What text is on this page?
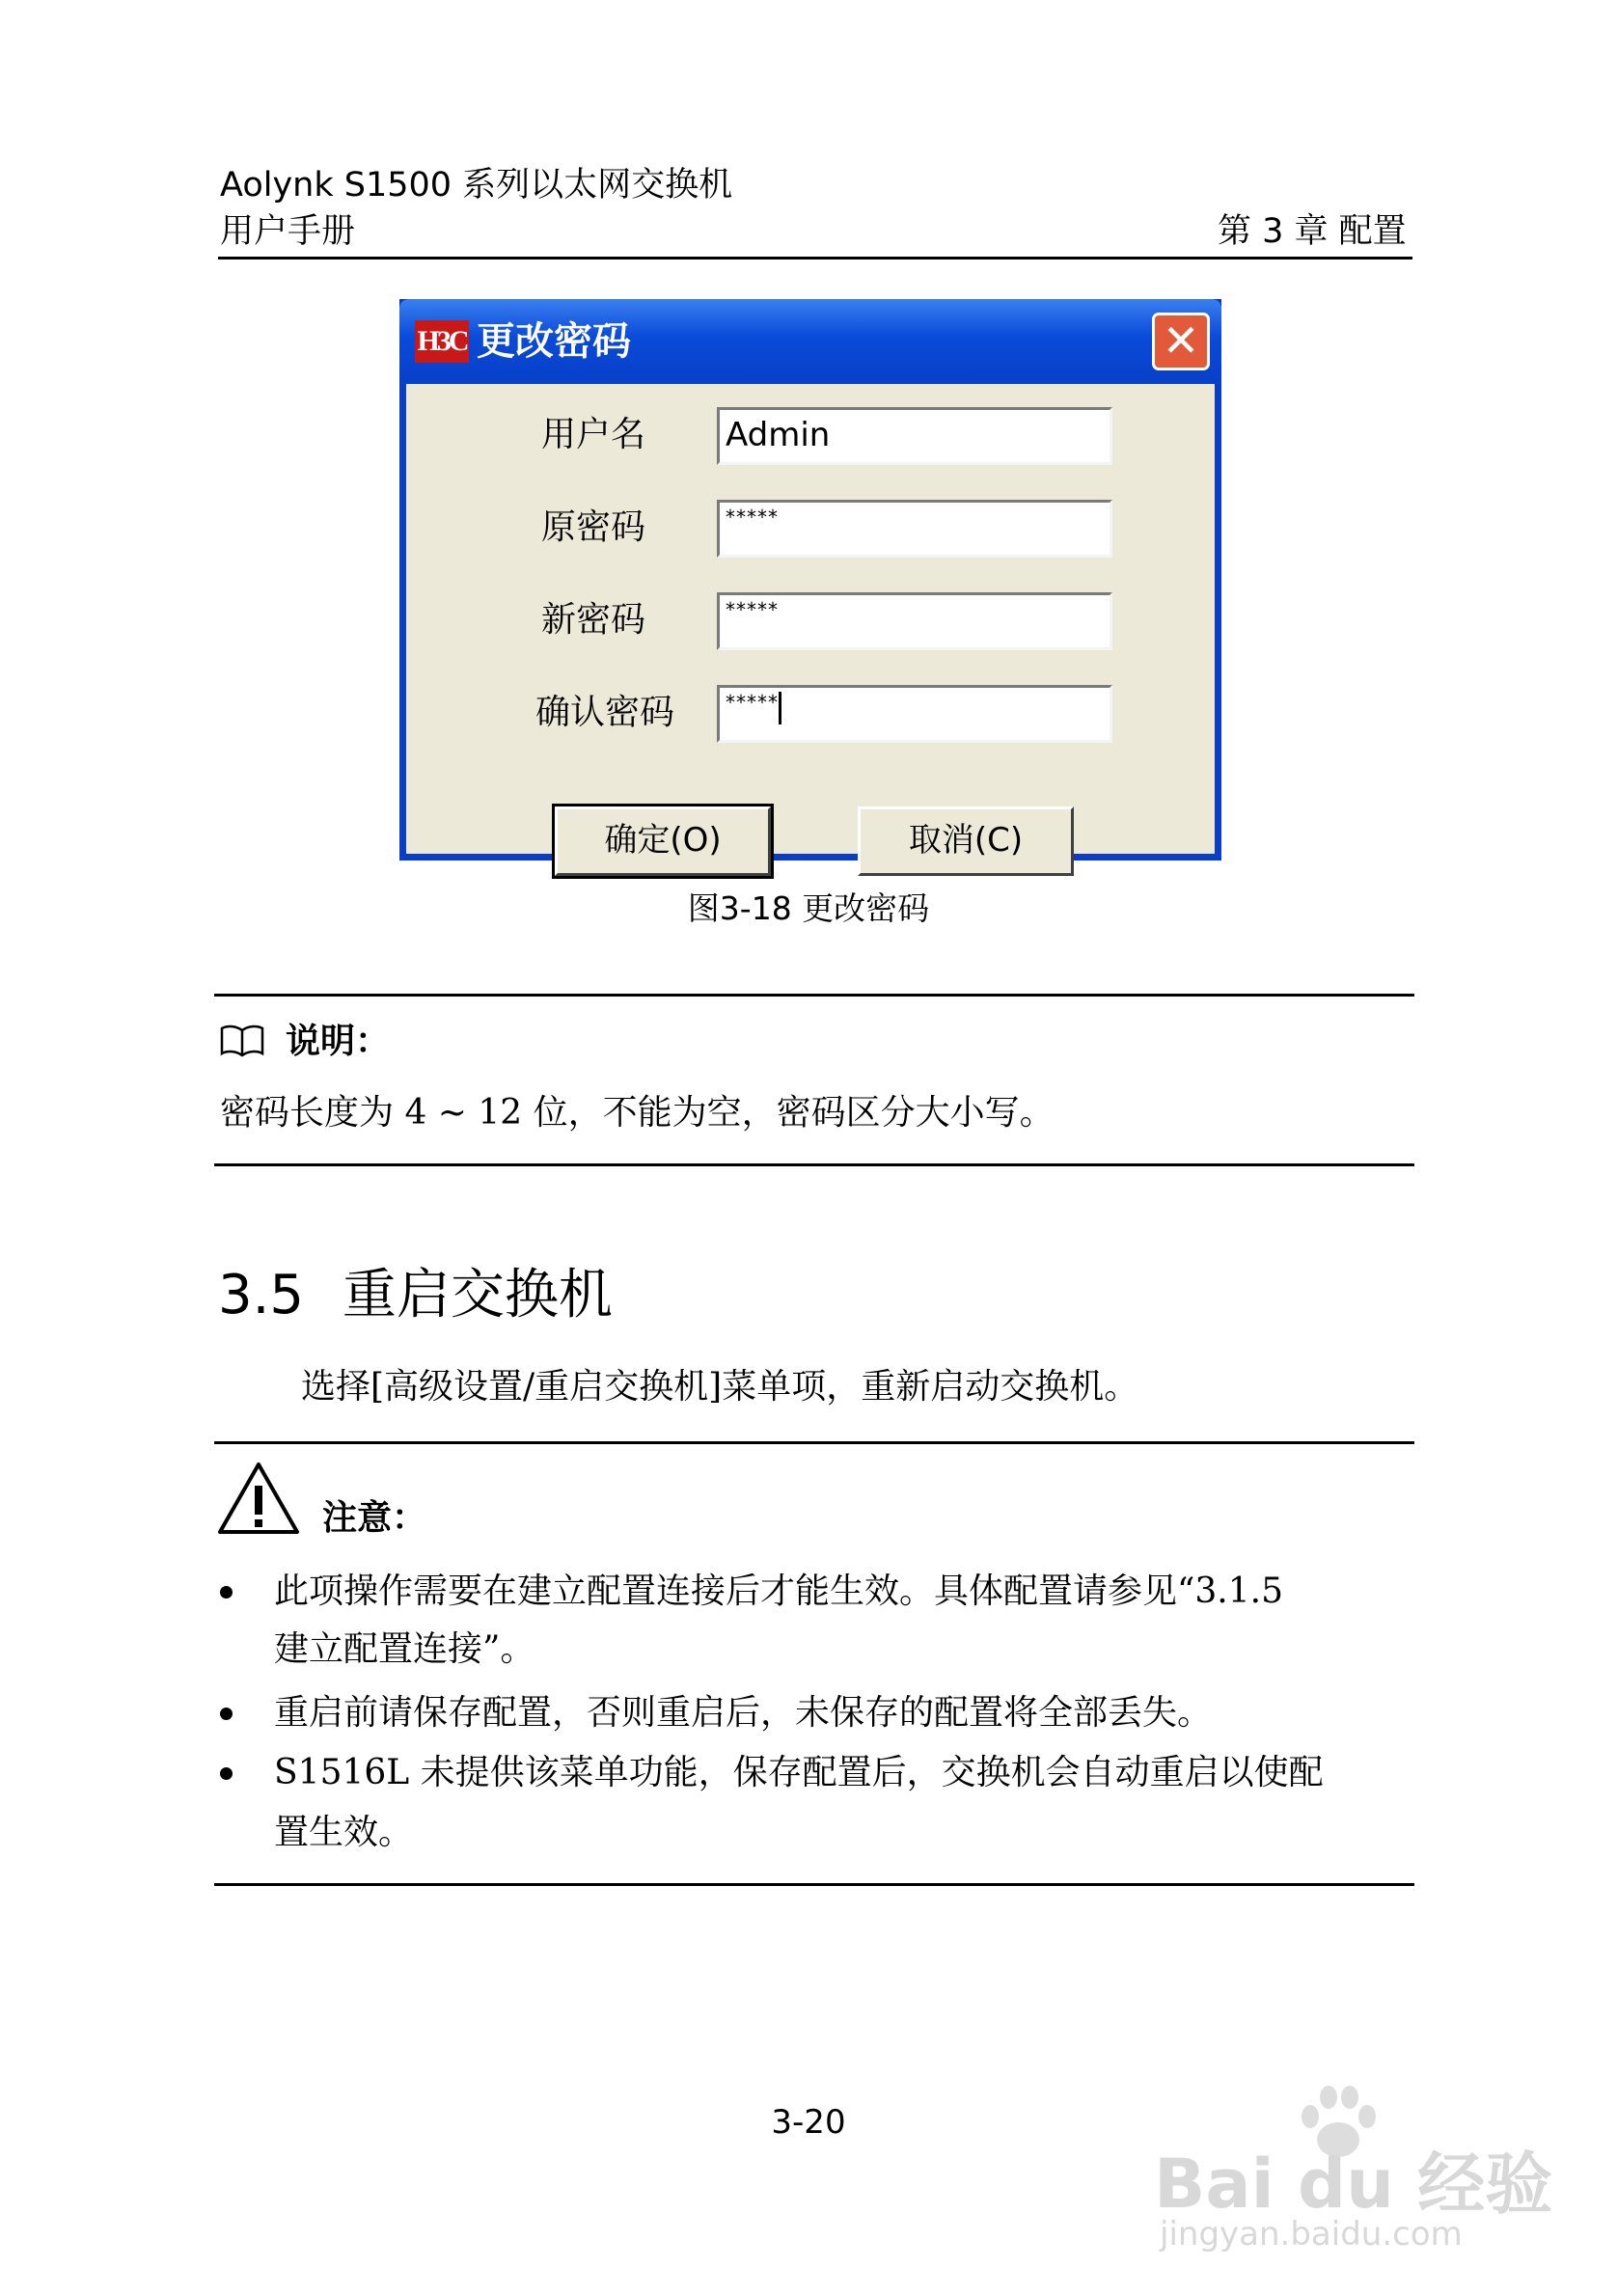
Aolynk S1500 系列以太网交换机
用户手册	第 3 章 配置
H3C 更改密码	✕
用户名 Admin
原密码	*****
新密码	*****
确认密码	*****
确定(O)	取消(C)
图3-18 更改密码
说明：
密码长度为 4 ~ 12 位，不能为空，密码区分大小写。
3.5 重启交换机
选择[高级设置/重启交换机]菜单项，重新启动交换机。
注意：
此项操作需要在建立配置连接后才能生效。具体配置请参见“3.1.5
建立配置连接”。
重启前请保存配置，否则重启后，未保存的配置将全部丢失。
S1516L 未提供该菜单功能，保存配置后，交换机会自动重启以使配
置生效。
3-20
Bai du 经验
jingyan.baidu.com
